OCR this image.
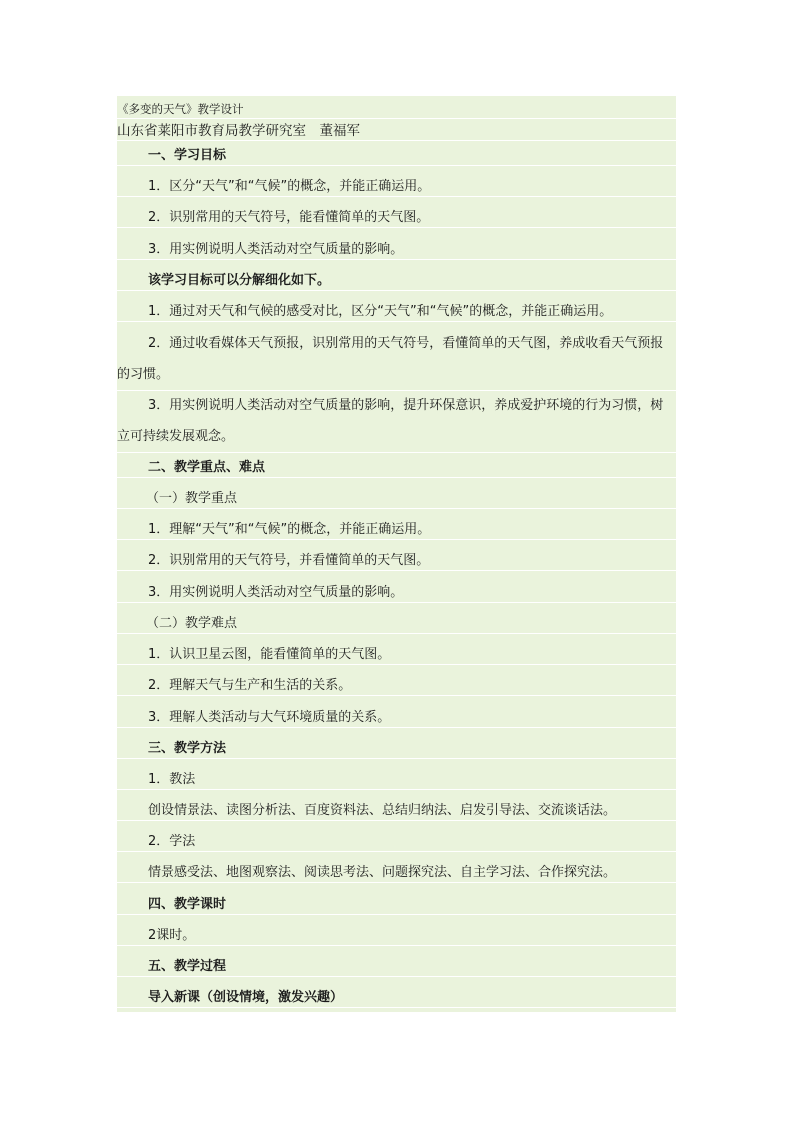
《多变的天气》教学设计
山东省莱阳市教育局教学研究室　董福军
一、学习目标
1．区分“天气”和“气候”的概念，并能正确运用。
2．识别常用的天气符号，能看懂简单的天气图。
3．用实例说明人类活动对空气质量的影响。
该学习目标可以分解细化如下。
1．通过对天气和气候的感受对比，区分“天气”和“气候”的概念，并能正确运用。
2．通过收看媒体天气预报，识别常用的天气符号，看懂简单的天气图，养成收看天气预报的习惯。
3．用实例说明人类活动对空气质量的影响，提升环保意识，养成爱护环境的行为习惯，树立可持续发展观念。
二、教学重点、难点
（一）教学重点
1．理解“天气”和“气候”的概念，并能正确运用。
2．识别常用的天气符号，并看懂简单的天气图。
3．用实例说明人类活动对空气质量的影响。
（二）教学难点
1．认识卫星云图，能看懂简单的天气图。
2．理解天气与生产和生活的关系。
3．理解人类活动与大气环境质量的关系。
三、教学方法
1．教法
创设情景法、读图分析法、百度资料法、总结归纳法、启发引导法、交流谈话法。
2．学法
情景感受法、地图观察法、阅读思考法、问题探究法、自主学习法、合作探究法。
四、教学课时
2课时。
五、教学过程
导入新课（创设情境，激发兴趣）
